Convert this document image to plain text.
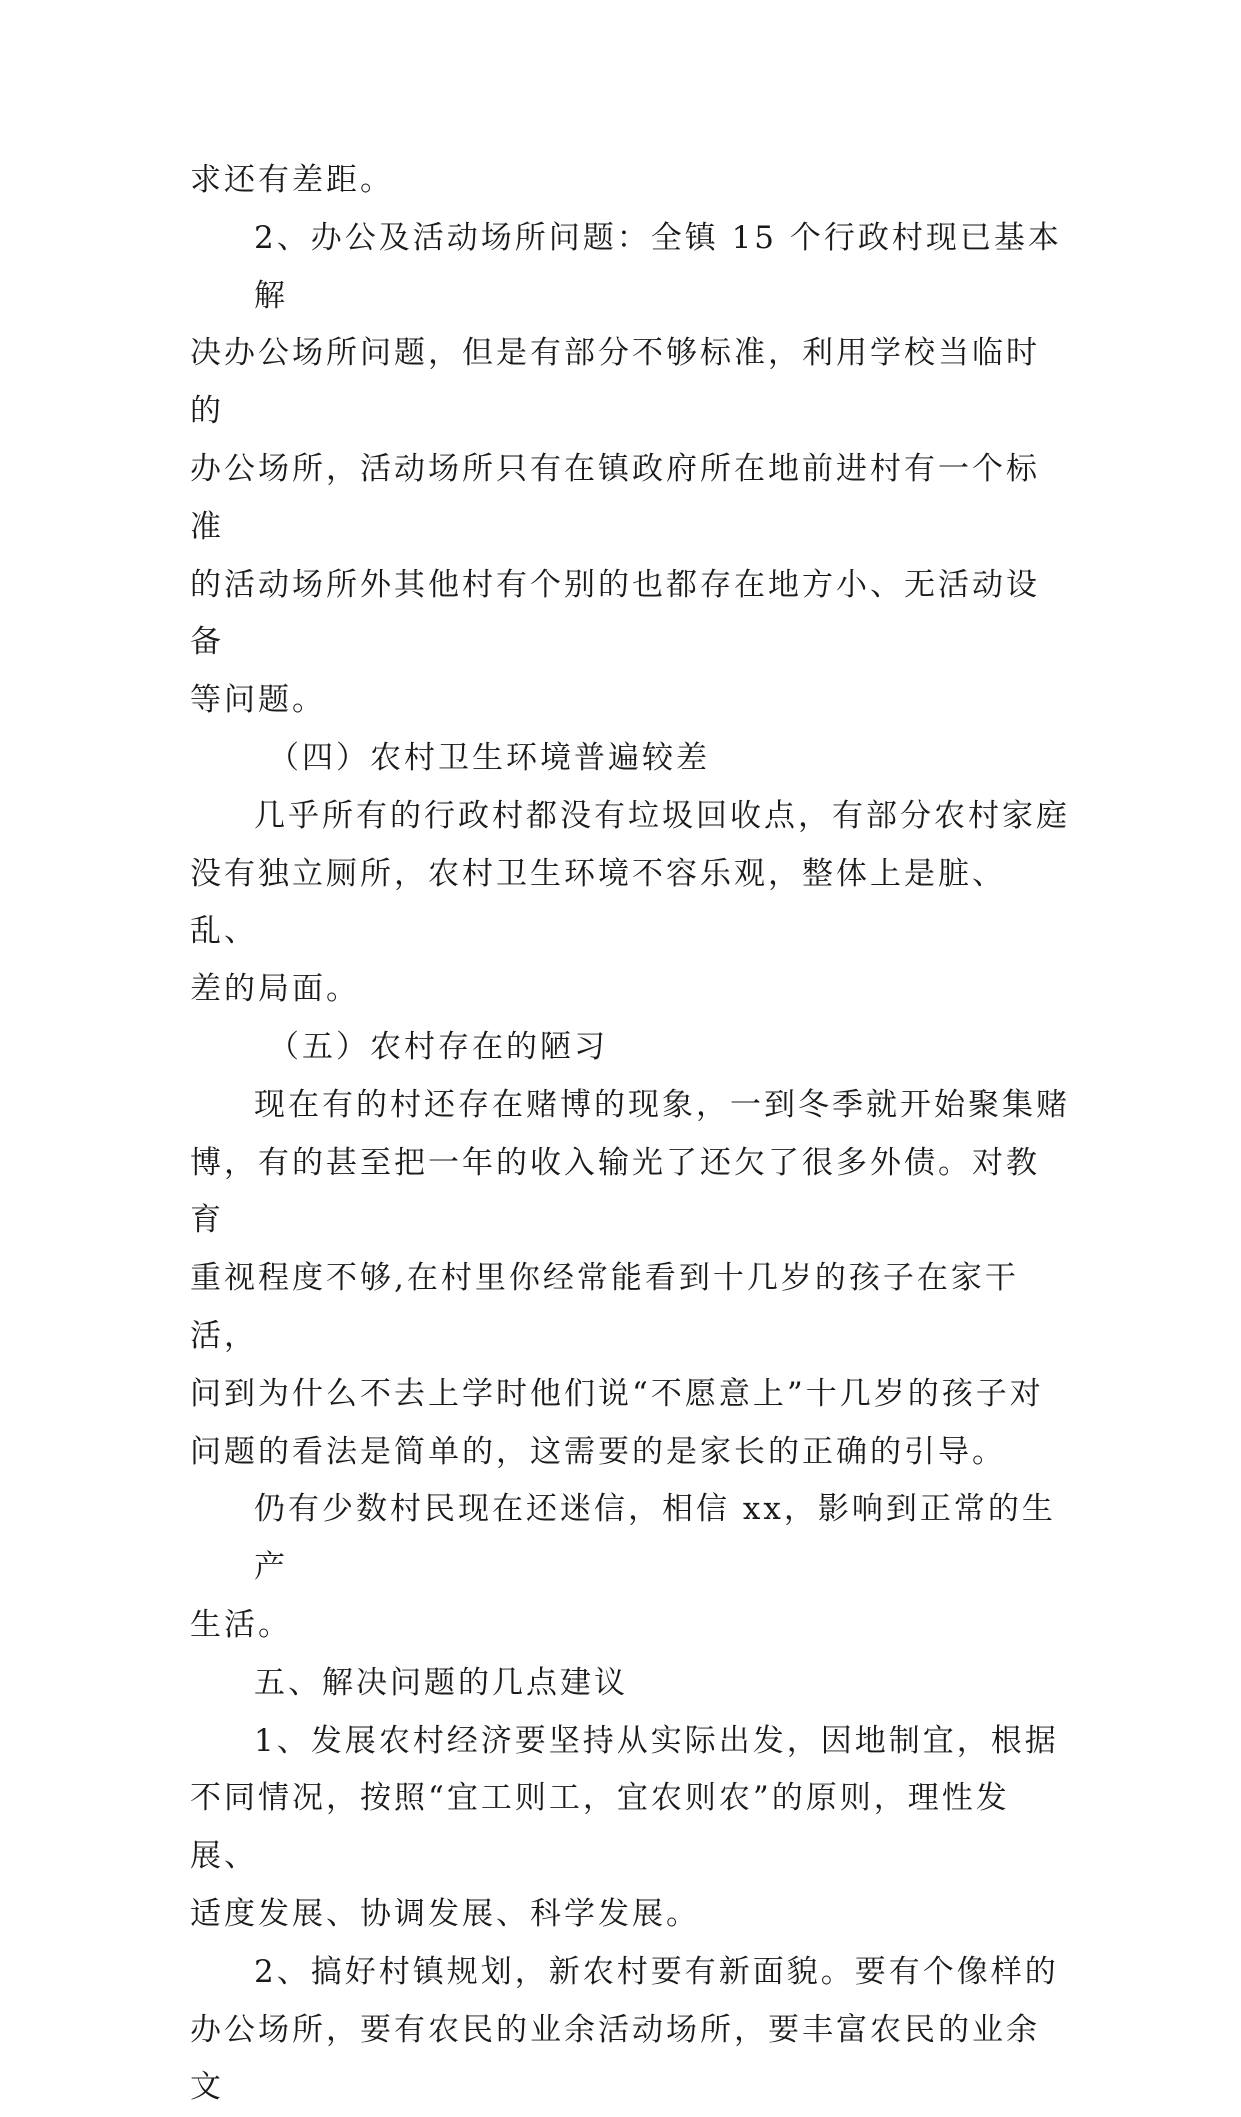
求还有差距。

2、办公及活动场所问题：全镇 15 个行政村现已基本解

决办公场所问题，但是有部分不够标准，利用学校当临时的

办公场所，活动场所只有在镇政府所在地前进村有一个标准

的活动场所外其他村有个别的也都存在地方小、无活动设备

等问题。

（四）农村卫生环境普遍较差

几乎所有的行政村都没有垃圾回收点，有部分农村家庭

没有独立厕所，农村卫生环境不容乐观，整体上是脏、乱、

差的局面。

（五）农村存在的陋习

现在有的村还存在赌博的现象，一到冬季就开始聚集赌

博，有的甚至把一年的收入输光了还欠了很多外债。对教育

重视程度不够,在村里你经常能看到十几岁的孩子在家干活，

问到为什么不去上学时他们说“不愿意上”十几岁的孩子对

问题的看法是简单的，这需要的是家长的正确的引导。

仍有少数村民现在还迷信，相信 xx，影响到正常的生产

生活。

五、解决问题的几点建议

1、发展农村经济要坚持从实际出发，因地制宜，根据

不同情况，按照“宜工则工，宜农则农”的原则，理性发展、

适度发展、协调发展、科学发展。

2、搞好村镇规划，新农村要有新面貌。要有个像样的

办公场所，要有农民的业余活动场所，要丰富农民的业余文
